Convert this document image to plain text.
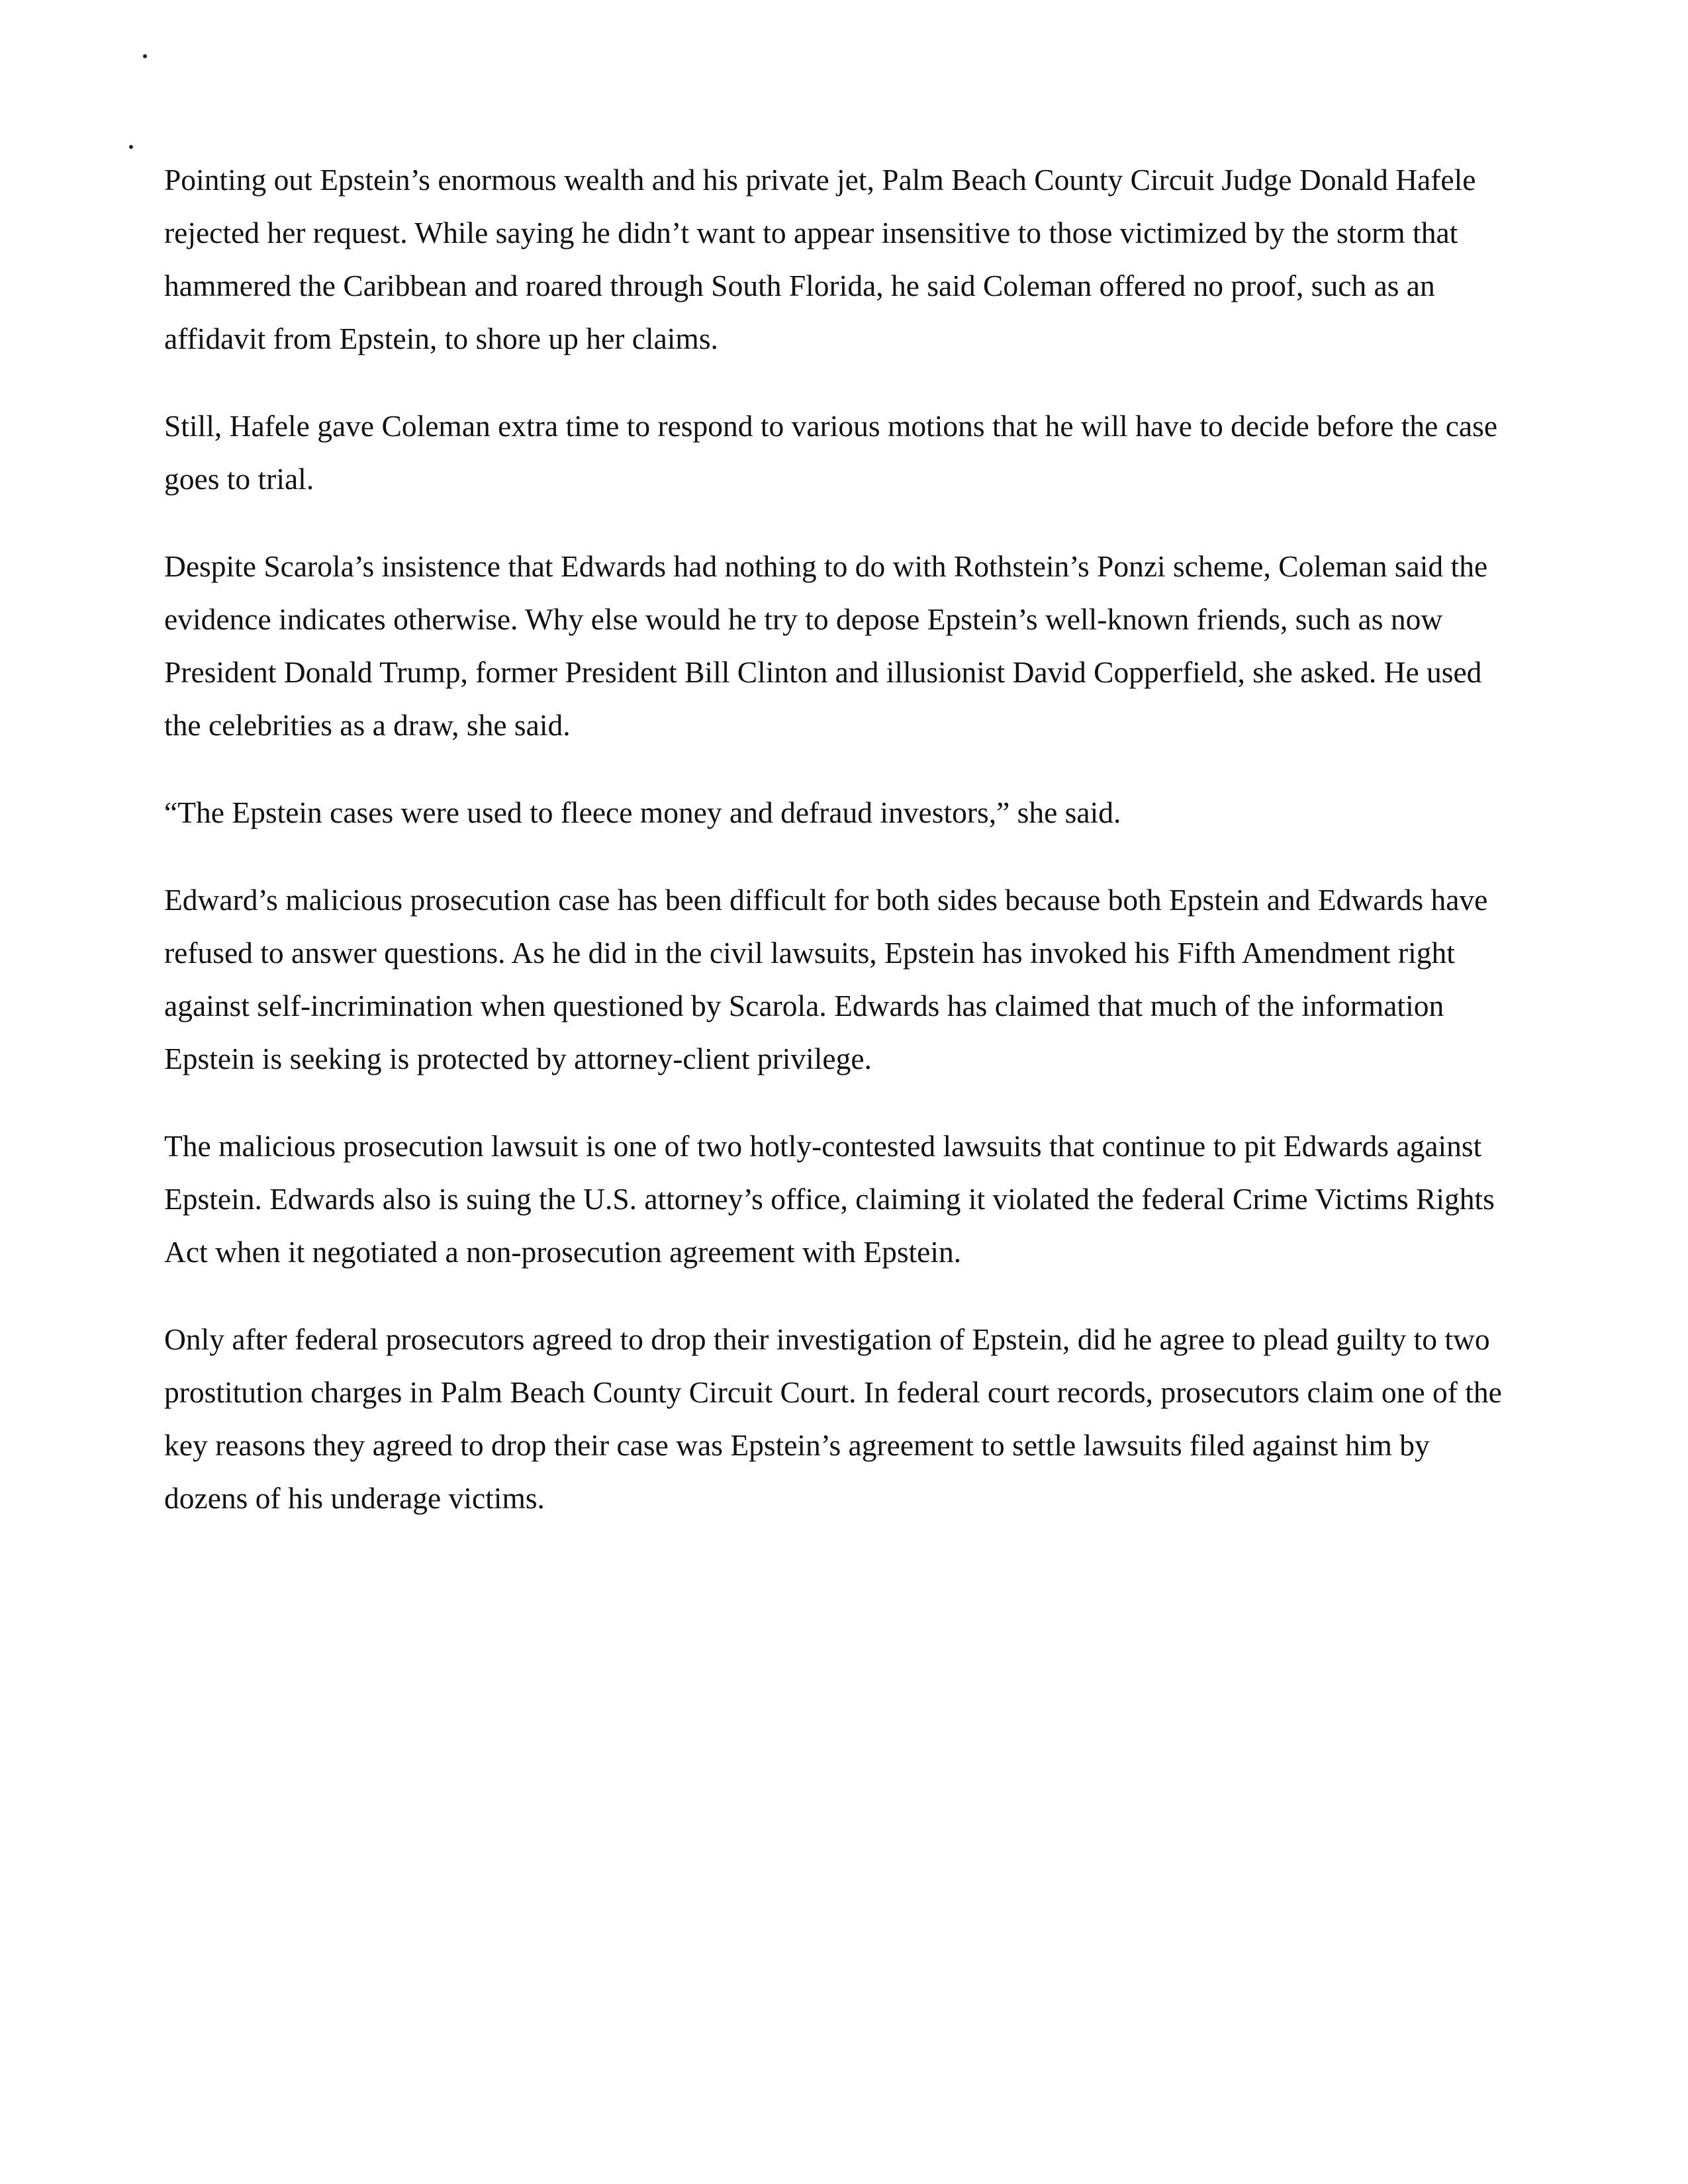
Pointing out Epstein’s enormous wealth and his private jet, Palm Beach County Circuit Judge Donald Hafele rejected her request. While saying he didn’t want to appear insensitive to those victimized by the storm that hammered the Caribbean and roared through South Florida, he said Coleman offered no proof, such as an affidavit from Epstein, to shore up her claims.

Still, Hafele gave Coleman extra time to respond to various motions that he will have to decide before the case goes to trial.

Despite Scarola’s insistence that Edwards had nothing to do with Rothstein’s Ponzi scheme, Coleman said the evidence indicates otherwise. Why else would he try to depose Epstein’s well-known friends, such as now President Donald Trump, former President Bill Clinton and illusionist David Copperfield, she asked. He used the celebrities as a draw, she said.

“The Epstein cases were used to fleece money and defraud investors,” she said.

Edward’s malicious prosecution case has been difficult for both sides because both Epstein and Edwards have refused to answer questions. As he did in the civil lawsuits, Epstein has invoked his Fifth Amendment right against self-incrimination when questioned by Scarola. Edwards has claimed that much of the information Epstein is seeking is protected by attorney-client privilege.

The malicious prosecution lawsuit is one of two hotly-contested lawsuits that continue to pit Edwards against Epstein. Edwards also is suing the U.S. attorney’s office, claiming it violated the federal Crime Victims Rights Act when it negotiated a non-prosecution agreement with Epstein.

Only after federal prosecutors agreed to drop their investigation of Epstein, did he agree to plead guilty to two prostitution charges in Palm Beach County Circuit Court. In federal court records, prosecutors claim one of the key reasons they agreed to drop their case was Epstein’s agreement to settle lawsuits filed against him by dozens of his underage victims.
